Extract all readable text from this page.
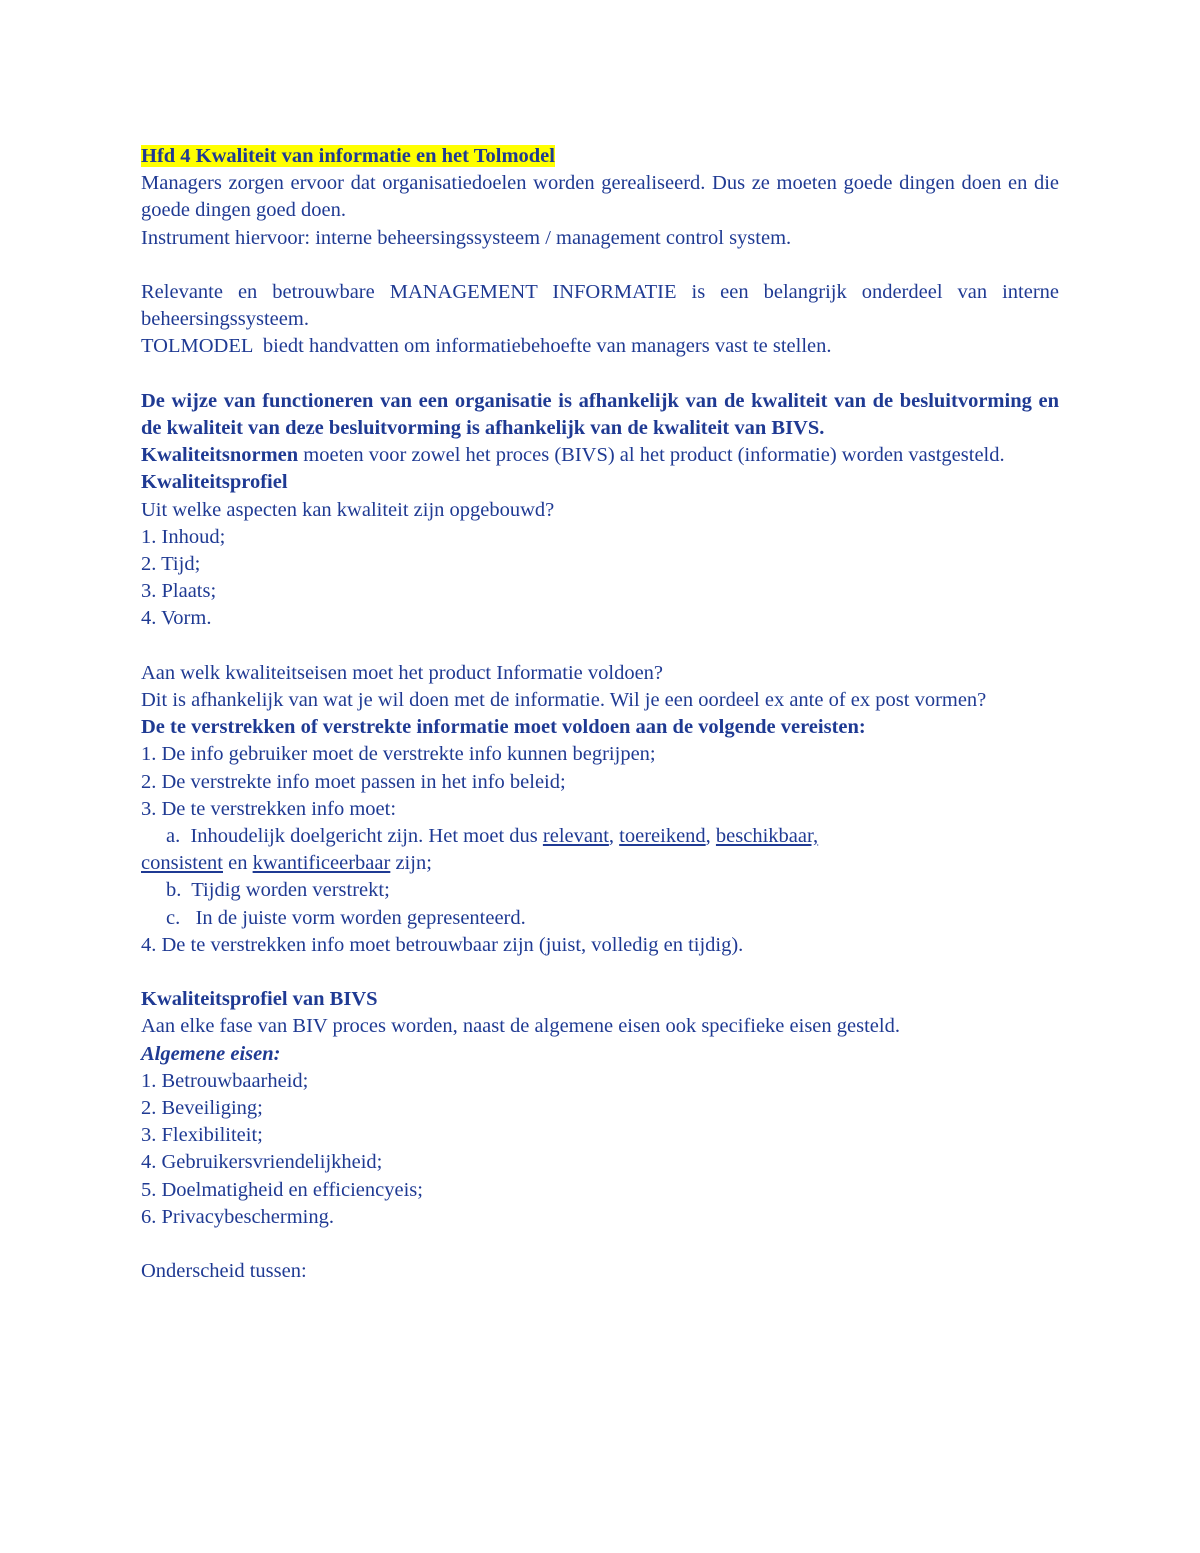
Hfd 4 Kwaliteit van informatie en het Tolmodel

Managers zorgen ervoor dat organisatiedoelen worden gerealiseerd. Dus ze moeten goede dingen doen en die goede dingen goed doen.

Instrument hiervoor: interne beheersingssysteem / management control system.

Relevante en betrouwbare MANAGEMENT INFORMATIE is een belangrijk onderdeel van interne beheersingssysteem.

TOLMODEL  biedt handvatten om informatiebehoefte van managers vast te stellen.

De wijze van functioneren van een organisatie is afhankelijk van de kwaliteit van de besluitvorming en de kwaliteit van deze besluitvorming is afhankelijk van de kwaliteit van BIVS.

Kwaliteitsnormen moeten voor zowel het proces (BIVS) al het product (informatie) worden vastgesteld.

Kwaliteitsprofiel

Uit welke aspecten kan kwaliteit zijn opgebouwd?

1. Inhoud;

2. Tijd;

3. Plaats;

4. Vorm.

Aan welk kwaliteitseisen moet het product Informatie voldoen?

Dit is afhankelijk van wat je wil doen met de informatie. Wil je een oordeel ex ante of ex post vormen?

De te verstrekken of verstrekte informatie moet voldoen aan de volgende vereisten:

1. De info gebruiker moet de verstrekte info kunnen begrijpen;

2. De verstrekte info moet passen in het info beleid;

3. De te verstrekken info moet:

a.  Inhoudelijk doelgericht zijn. Het moet dus relevant, toereikend, beschikbaar,

consistent en kwantificeerbaar zijn;

b.  Tijdig worden verstrekt;

c.   In de juiste vorm worden gepresenteerd.

4. De te verstrekken info moet betrouwbaar zijn (juist, volledig en tijdig).

Kwaliteitsprofiel van BIVS

Aan elke fase van BIV proces worden, naast de algemene eisen ook specifieke eisen gesteld.

Algemene eisen:

1. Betrouwbaarheid;

2. Beveiliging;

3. Flexibiliteit;

4. Gebruikersvriendelijkheid;

5. Doelmatigheid en efficiencyeis;

6. Privacybescherming.

Onderscheid tussen:
